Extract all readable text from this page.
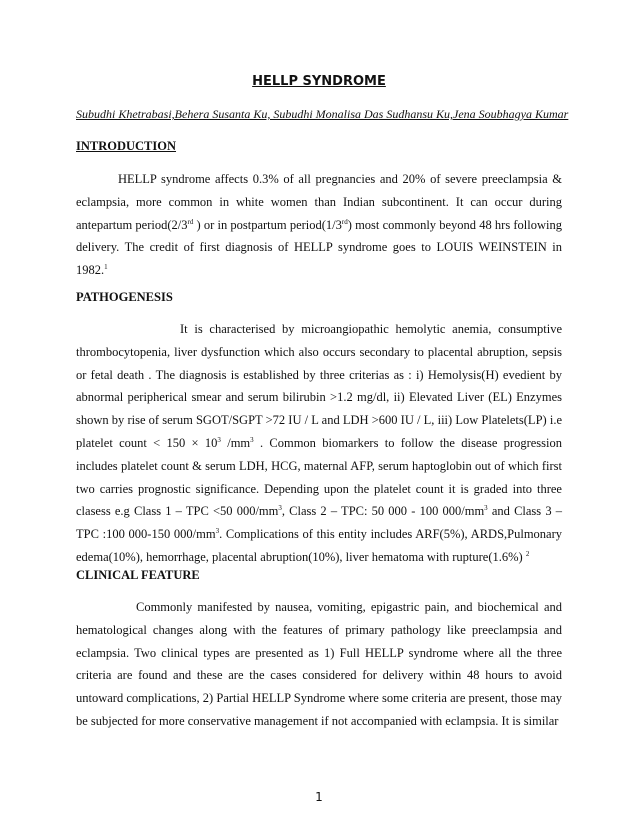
HELLP SYNDROME
Subudhi Khetrabasi,Behera Susanta Ku, Subudhi Monalisa Das Sudhansu Ku,Jena Soubhagya Kumar
INTRODUCTION

HELLP syndrome affects 0.3% of all pregnancies and 20% of severe preeclampsia & eclampsia, more common in white women than Indian subcontinent. It can occur during antepartum period(2/3rd ) or in postpartum period(1/3rd) most commonly beyond 48 hrs following delivery. The credit of first diagnosis of HELLP syndrome goes to LOUIS WEINSTEIN in 1982.$^1$

PATHOGENESIS

It is characterised by microangiopathic hemolytic anemia, consumptive thrombocytopenia, liver dysfunction which also occurs secondary to placental abruption, sepsis or fetal death . The diagnosis is established by three criterias as : i) Hemolysis(H) evedient by abnormal peripherical smear and serum bilirubin >1.2 mg/dl, ii) Elevated Liver (EL) Enzymes shown by rise of serum SGOT/SGPT >72 IU / L and LDH >600 IU / L, iii) Low Platelets(LP) i.e platelet count < $150 \times 10^3$ $/mm^3$ . Common biomarkers to follow the disease progression includes platelet count & serum LDH, HCG, maternal AFP, serum haptoglobin out of which first two carries prognostic significance. Depending upon the platelet count it is graded into three clasess e.g Class 1 – TPC <50 $000/mm^3$, Class 2 – TPC: 50 000 - 100 $000/mm^3$ and Class 3 – TPC :100 000-150 $000/mm^3$. Complications of this entity includes ARF(5%), ARDS,Pulmonary edema(10%), hemorrhage, placental abruption(10%), liver hematoma with rupture(1.6%) $^2$

CLINICAL FEATURE

Commonly manifested by nausea, vomiting, epigastric pain, and biochemical and hematological changes along with the features of primary pathology like preeclampsia and eclampsia. Two clinical types are presented as 1) Full HELLP syndrome where all the three criteria are found and these are the cases considered for delivery within 48 hours to avoid untoward complications, 2) Partial HELLP Syndrome where some criteria are present, those may be subjected for more conservative management if not accompanied with eclampsia. It is similar

1
